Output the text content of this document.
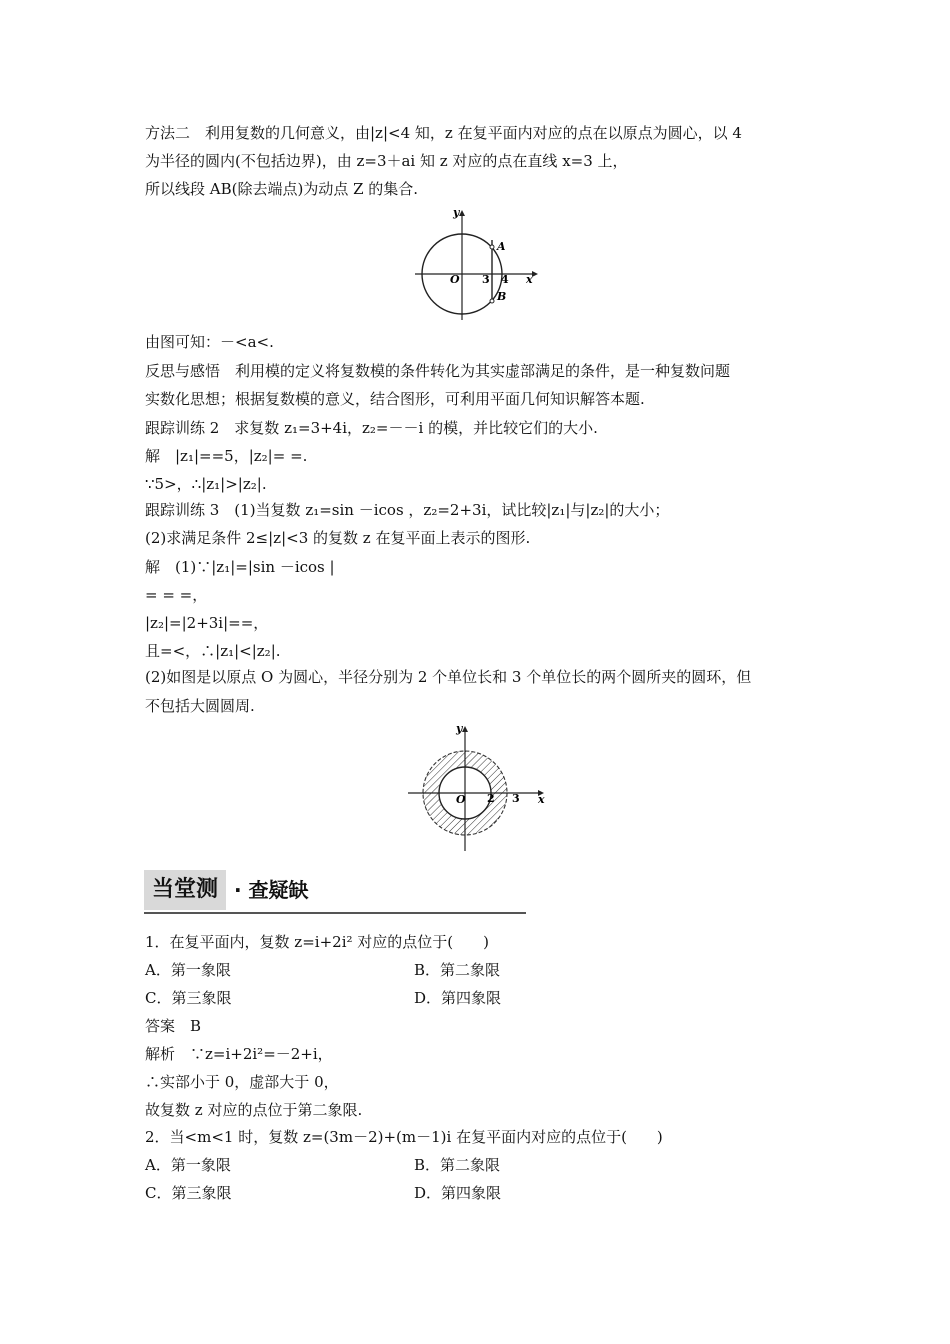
方法二　利用复数的几何意义，由|z|<4 知，z 在复平面内对应的点在以原点为圆心，以 4
为半径的圆内(不包括边界)，由 z=3＋ai 知 z 对应的点在直线 x=3 上，
所以线段 AB(除去端点)为动点 Z 的集合.
y
x
O 3 4
A
B
由图可知：－<a<.
反思与感悟　利用模的定义将复数模的条件转化为其实虚部满足的条件，是一种复数问题
实数化思想；根据复数模的意义，结合图形，可利用平面几何知识解答本题.
跟踪训练 2　求复数 z₁=3+4i，z₂=－－i 的模，并比较它们的大小.
解　|z₁|==5，|z₂|= =.
∵5>，∴|z₁|>|z₂|.
跟踪训练 3　(1)当复数 z₁=sin －icos ，z₂=2+3i，试比较|z₁|与|z₂|的大小；
(2)求满足条件 2≤|z|<3 的复数 z 在复平面上表示的图形.
解　(1)∵|z₁|=|sin －icos |
= = =，
|z₂|=|2+3i|==，
且=<，∴|z₁|<|z₂|.
(2)如图是以原点 O 为圆心，半径分别为 2 个单位长和 3 个单位长的两个圆所夹的圆环，但
不包括大圆圆周.
y
x
O 2 3
当堂测 · 查疑缺
1．在复平面内，复数 z=i+2i² 对应的点位于(　　)
A．第一象限	B．第二象限
C．第三象限	D．第四象限
答案　B
解析　∵z=i+2i²=－2+i，
∴实部小于 0，虚部大于 0，
故复数 z 对应的点位于第二象限.
2．当<m<1 时，复数 z=(3m－2)+(m－1)i 在复平面内对应的点位于(　　)
A．第一象限	B．第二象限
C．第三象限	D．第四象限
